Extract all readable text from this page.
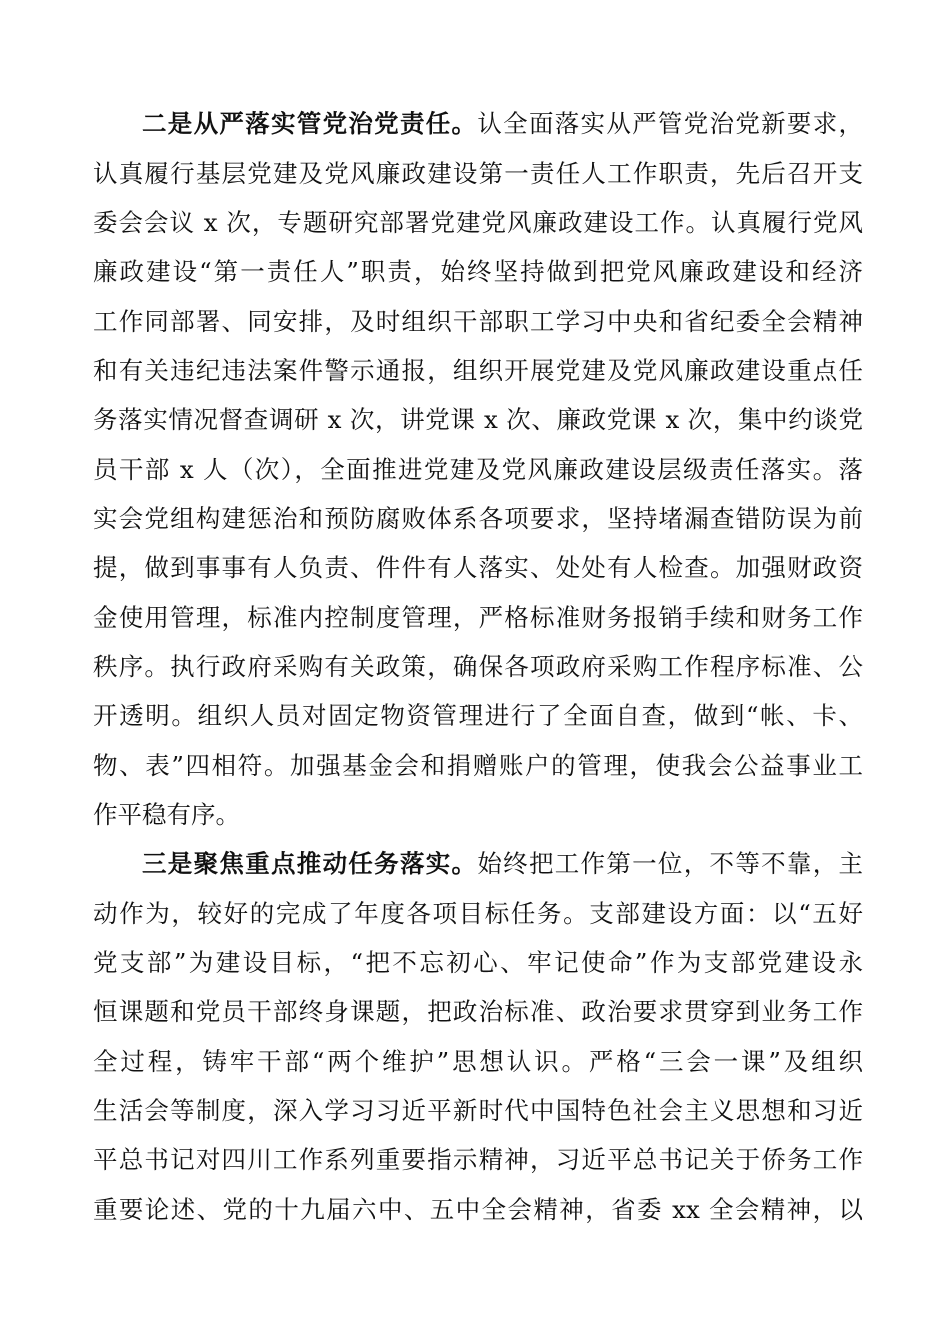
二是从严落实管党治党责任。认全面落实从严管党治党新要求，
认真履行基层党建及党风廉政建设第一责任人工作职责，先后召开支
委会会议 x 次，专题研究部署党建党风廉政建设工作。认真履行党风
廉政建设“第一责任人”职责，始终坚持做到把党风廉政建设和经济
工作同部署、同安排，及时组织干部职工学习中央和省纪委全会精神
和有关违纪违法案件警示通报，组织开展党建及党风廉政建设重点任
务落实情况督查调研 x 次，讲党课 x 次、廉政党课 x 次，集中约谈党
员干部 x 人（次），全面推进党建及党风廉政建设层级责任落实。落
实会党组构建惩治和预防腐败体系各项要求，坚持堵漏查错防误为前
提，做到事事有人负责、件件有人落实、处处有人检查。加强财政资
金使用管理，标准内控制度管理，严格标准财务报销手续和财务工作
秩序。执行政府采购有关政策，确保各项政府采购工作程序标准、公
开透明。组织人员对固定物资管理进行了全面自查，做到“帐、卡、
物、表”四相符。加强基金会和捐赠账户的管理，使我会公益事业工
作平稳有序。
三是聚焦重点推动任务落实。始终把工作第一位，不等不靠，主
动作为，较好的完成了年度各项目标任务。支部建设方面：以“五好
党支部”为建设目标，“把不忘初心、牢记使命”作为支部党建设永
恒课题和党员干部终身课题，把政治标准、政治要求贯穿到业务工作
全过程，铸牢干部“两个维护”思想认识。严格“三会一课”及组织
生活会等制度，深入学习习近平新时代中国特色社会主义思想和习近
平总书记对四川工作系列重要指示精神，习近平总书记关于侨务工作
重要论述、党的十九届六中、五中全会精神，省委 xx 全会精神，以
